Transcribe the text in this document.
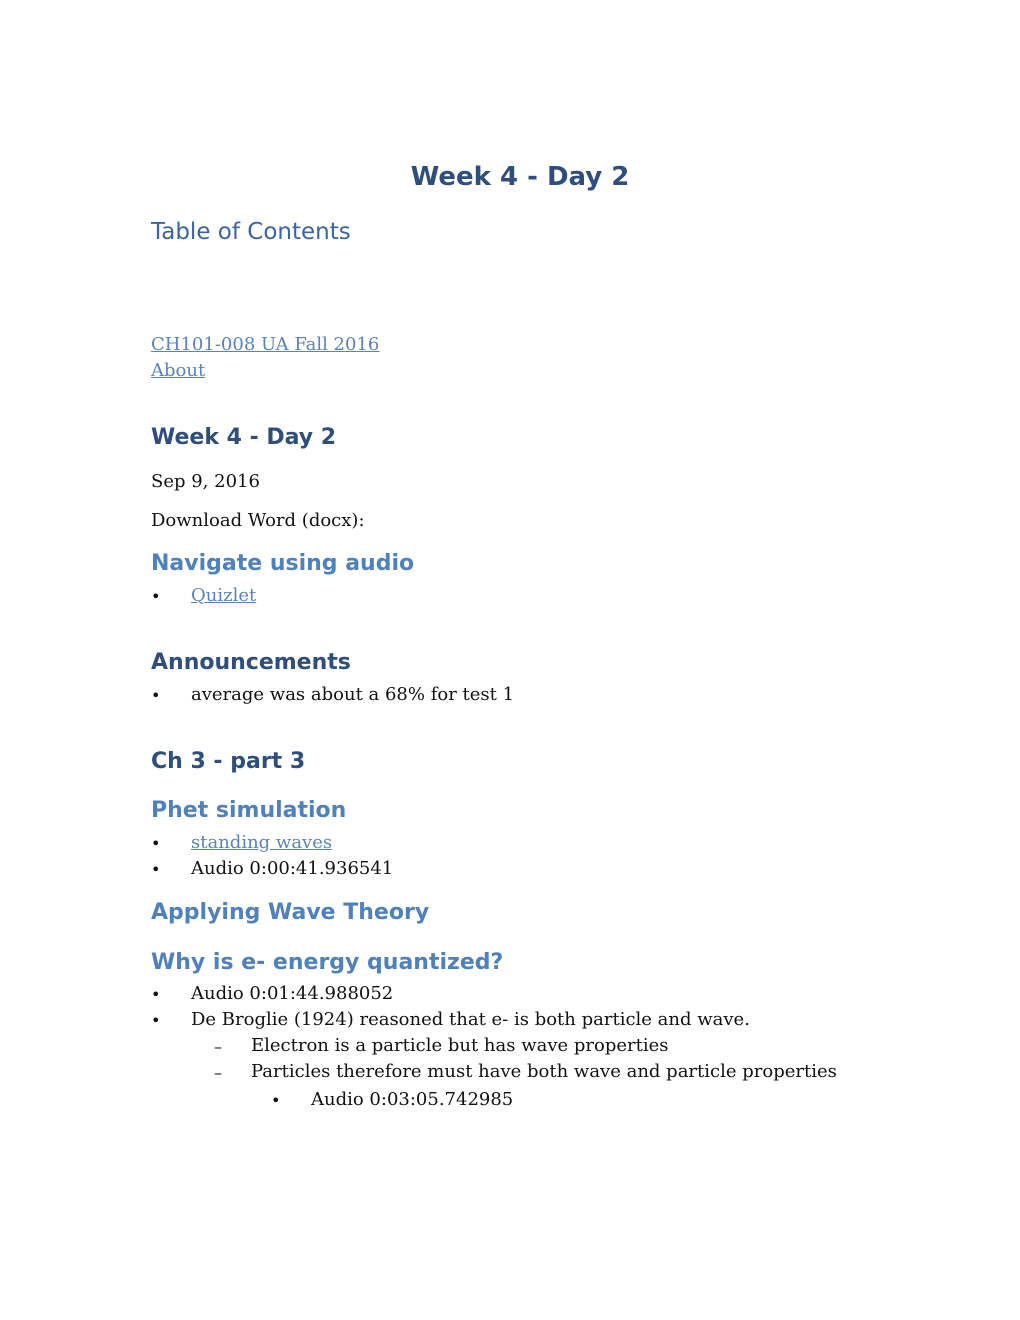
Week 4 - Day 2
Table of Contents
CH101-008 UA Fall 2016
About
Week 4 - Day 2
Sep 9, 2016
Download Word (docx):
Navigate using audio
• Quizlet
Announcements
• average was about a 68% for test 1
Ch 3 - part 3
Phet simulation
• standing waves
• Audio 0:00:41.936541
Applying Wave Theory
Why is e- energy quantized?
• Audio 0:01:44.988052
• De Broglie (1924) reasoned that e- is both particle and wave.
– Electron is a particle but has wave properties
– Particles therefore must have both wave and particle properties
• Audio 0:03:05.742985
